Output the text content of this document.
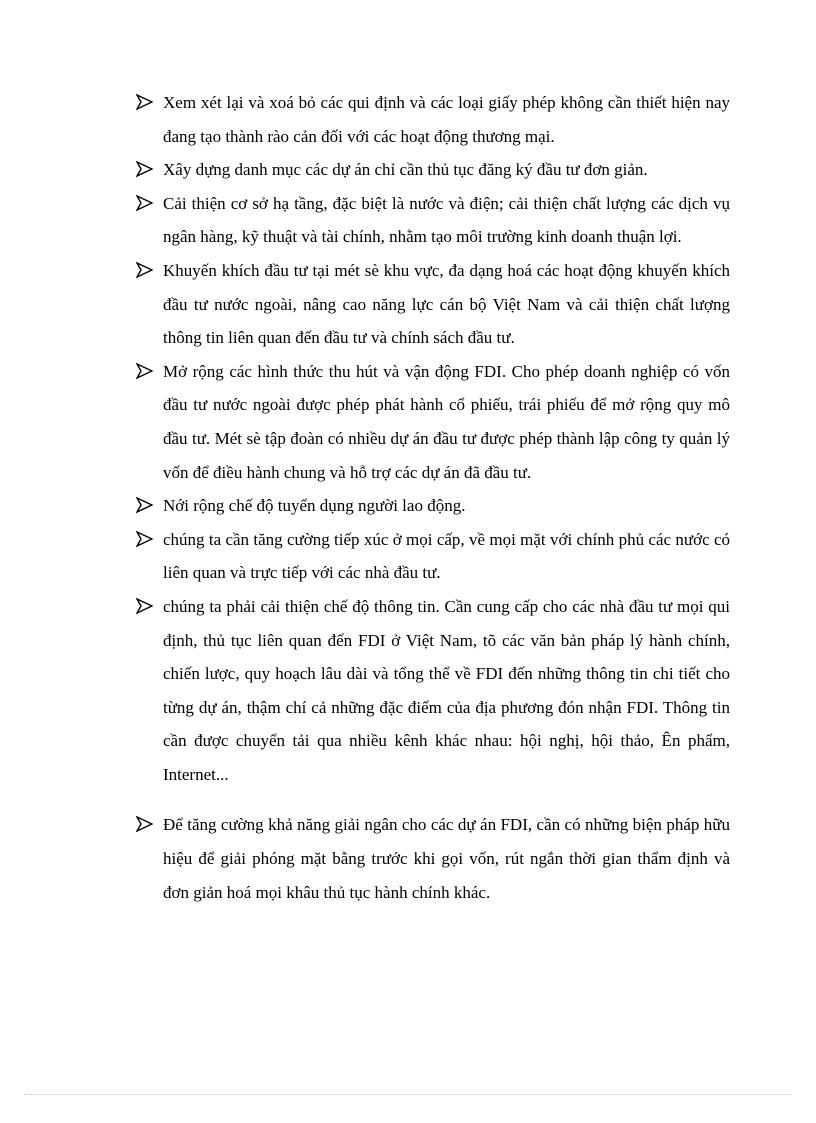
Xem xét lại và xoá bỏ các qui định và các loại giấy phép không cần thiết hiện nay đang tạo thành rào cản đối với các hoạt động thương mại.
Xây dựng danh mục các dự án chỉ cần thủ tục đăng ký đầu tư đơn giản.
Cải thiện cơ sở hạ tầng, đặc biệt là nước và điện; cải thiện chất lượng các dịch vụ ngân hàng, kỹ thuật và tài chính, nhằm tạo môi trường kinh doanh thuận lợi.
Khuyến khích đầu tư tại mét sè khu vực, đa dạng hoá các hoạt động khuyến khích đầu tư nước ngoài, nâng cao năng lực cán bộ Việt Nam và cải thiện chất lượng thông tin liên quan đến đầu tư và chính sách đầu tư.
Mở rộng các hình thức thu hút và vận động FDI. Cho phép doanh nghiệp có vốn đầu tư nước ngoài được phép phát hành cổ phiếu, trái phiếu để mở rộng quy mô đầu tư. Mét sè tập đoàn có nhiều dự án đầu tư được phép thành lập công ty quản lý vốn để điều hành chung và hỗ trợ các dự án đã đầu tư.
Nới rộng chế độ tuyển dụng người lao động.
chúng ta cần tăng cường tiếp xúc ở mọi cấp, về mọi mặt với chính phủ các nước có liên quan và trực tiếp với các nhà đầu tư.
chúng ta phải cải thiện chế độ thông tin. Cần cung cấp cho các nhà đầu tư mọi qui định, thủ tục liên quan đến FDI ở Việt Nam, tõ các văn bản pháp lý hành chính, chiến lược, quy hoạch lâu dài và tổng thể về FDI đến những thông tin chi tiết cho từng dự án, thậm chí cả những đặc điểm của địa phương đón nhận FDI. Thông tin cần được chuyển tải qua nhiều kênh khác nhau: hội nghị, hội thảo, Ên phẩm, Internet...
Để tăng cường khả năng giải ngân cho các dự án FDI, cần có những biện pháp hữu hiệu để giải phóng mặt bằng trước khi gọi vốn, rút ngắn thời gian thẩm định và đơn giản hoá mọi khâu thủ tục hành chính khác.
